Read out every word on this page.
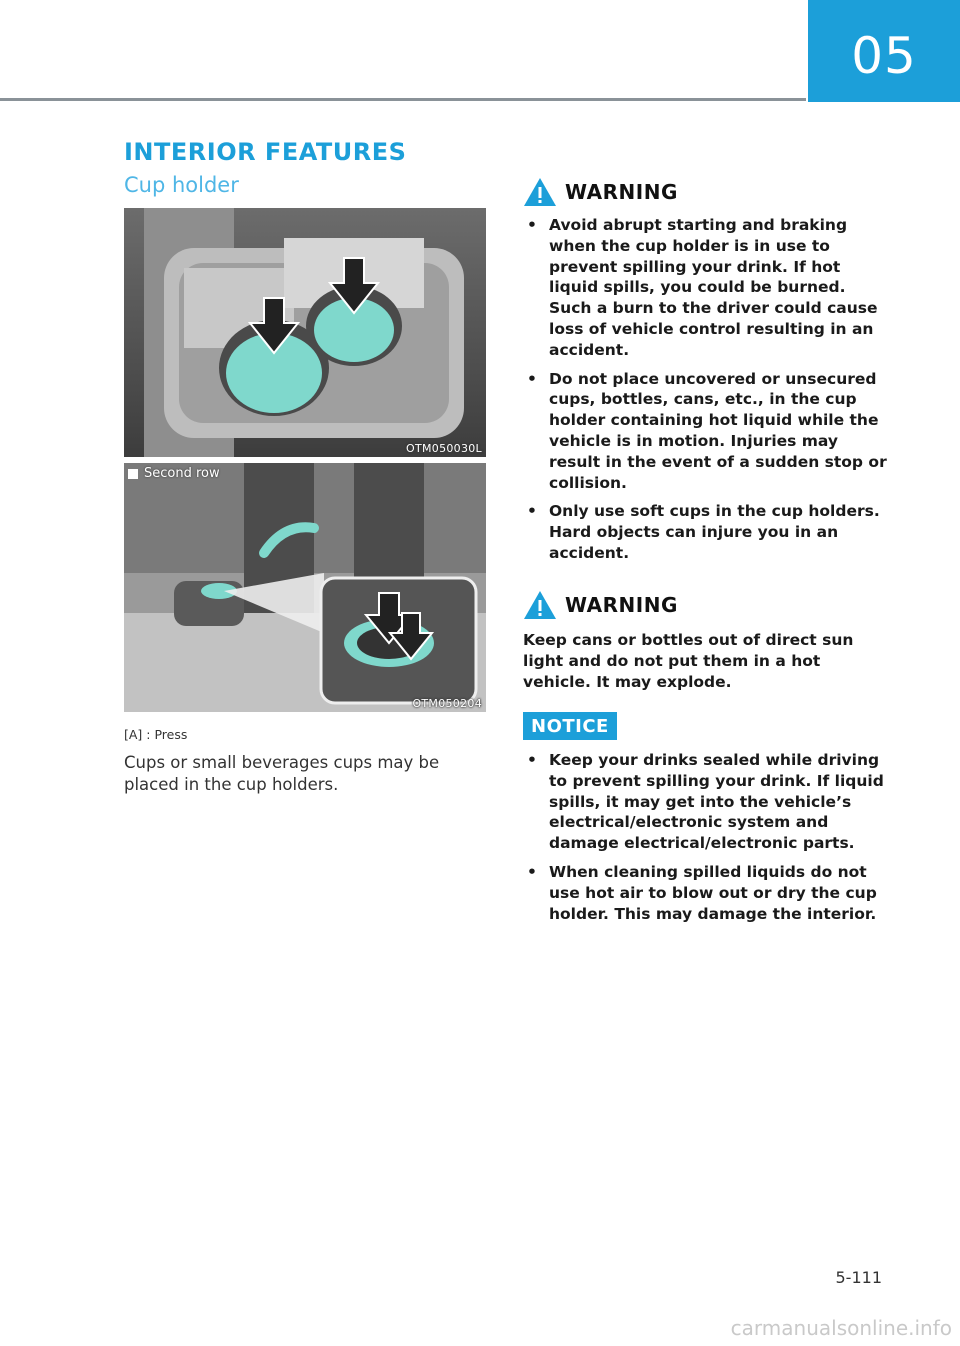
05
INTERIOR FEATURES
Cup holder
OTM050030L
Second row
OTM050204
[A] : Press
Cups or small beverages cups may be placed in the cup holders.
WARNING
• Avoid abrupt starting and braking when the cup holder is in use to prevent spilling your drink. If hot liquid spills, you could be burned. Such a burn to the driver could cause loss of vehicle control resulting in an accident.
• Do not place uncovered or unsecured cups, bottles, cans, etc., in the cup holder containing hot liquid while the vehicle is in motion. Injuries may result in the event of a sudden stop or collision.
• Only use soft cups in the cup holders. Hard objects can injure you in an accident.
WARNING

Keep cans or bottles out of direct sun light and do not put them in a hot vehicle. It may explode.

NOTICE
• Keep your drinks sealed while driving to prevent spilling your drink. If liquid spills, it may get into the vehicle’s electrical/electronic system and damage electrical/electronic parts.
• When cleaning spilled liquids do not use hot air to blow out or dry the cup holder. This may damage the interior.
5-111
carmanualsonline.info
